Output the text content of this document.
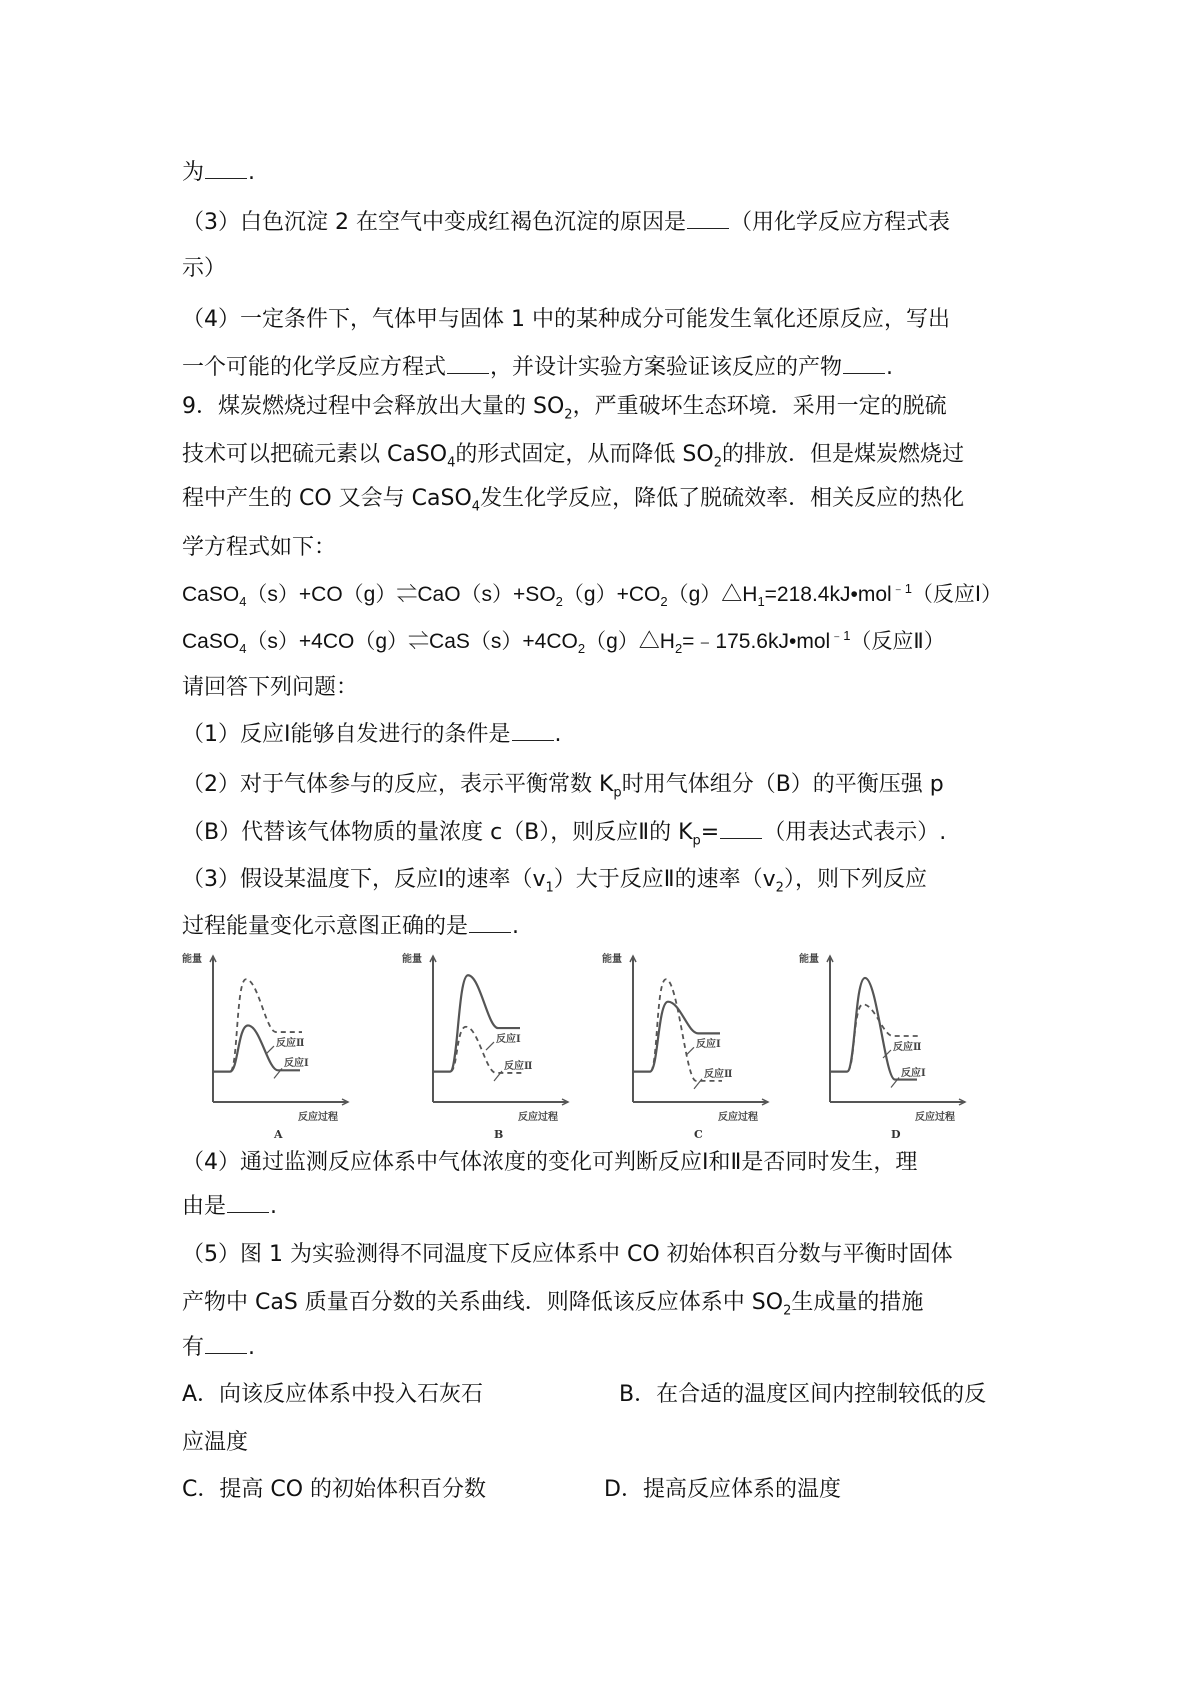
为 .
（3）白色沉淀 2 在空气中变成红褐色沉淀的原因是 （用化学反应方程式表
示）
（4）一定条件下，气体甲与固体 1 中的某种成分可能发生氧化还原反应，写出
一个可能的化学反应方程式 ，并设计实验方案验证该反应的产物 .
9．煤炭燃烧过程中会释放出大量的 $SO_2$，严重破坏生态环境．采用一定的脱硫
技术可以把硫元素以 CaSO$_4$的形式固定，从而降低 $SO_2$的排放．但是煤炭燃烧过
程中产生的 CO 又会与 CaSO$_4$发生化学反应，降低了脱硫效率．相关反应的热化
学方程式如下：
$CaSO_4(s)+CO(g)\rightleftharpoons CaO(s)+SO_2(g)+CO_2(g)\triangle H_1=218.4kJ•mol^{﹣1}$（反应Ⅰ）
$CaSO_4(s)+4CO(g)\rightleftharpoons CaS(s)+4CO_2(g)\triangle H_2=﹣175.6kJ•mol^{﹣1}$（反应Ⅱ）
请回答下列问题：
（1）反应Ⅰ能够自发进行的条件是 .
（2）对于气体参与的反应，表示平衡常数 $K_p$时用气体组分（B）的平衡压强 p
（B）代替该气体物质的量浓度 c（B），则反应Ⅱ的 $K_p=$ （用表达式表示）.
（3）假设某温度下，反应Ⅰ的速率$(v_1)$大于反应Ⅱ的速率$(v_2)$，则下列反应
过程能量变化示意图正确的是 .
能量
反应过程
反应Ⅱ
反应Ⅰ
A
能量
反应过程
反应Ⅰ
反应Ⅱ
B
能量
反应过程
反应Ⅰ
反应Ⅱ
C
能量
反应过程
反应Ⅱ
反应Ⅰ
D
（4）通过监测反应体系中气体浓度的变化可判断反应Ⅰ和Ⅱ是否同时发生，理
由是 .
（5）图 1 为实验测得不同温度下反应体系中 CO 初始体积百分数与平衡时固体
产物中 CaS 质量百分数的关系曲线．则降低该反应体系中 $SO_2$生成量的措施
有 .
A．向该反应体系中投入石灰石	B．在合适的温度区间内控制较低的反
应温度
C．提高 CO 的初始体积百分数	D．提高反应体系的温度
